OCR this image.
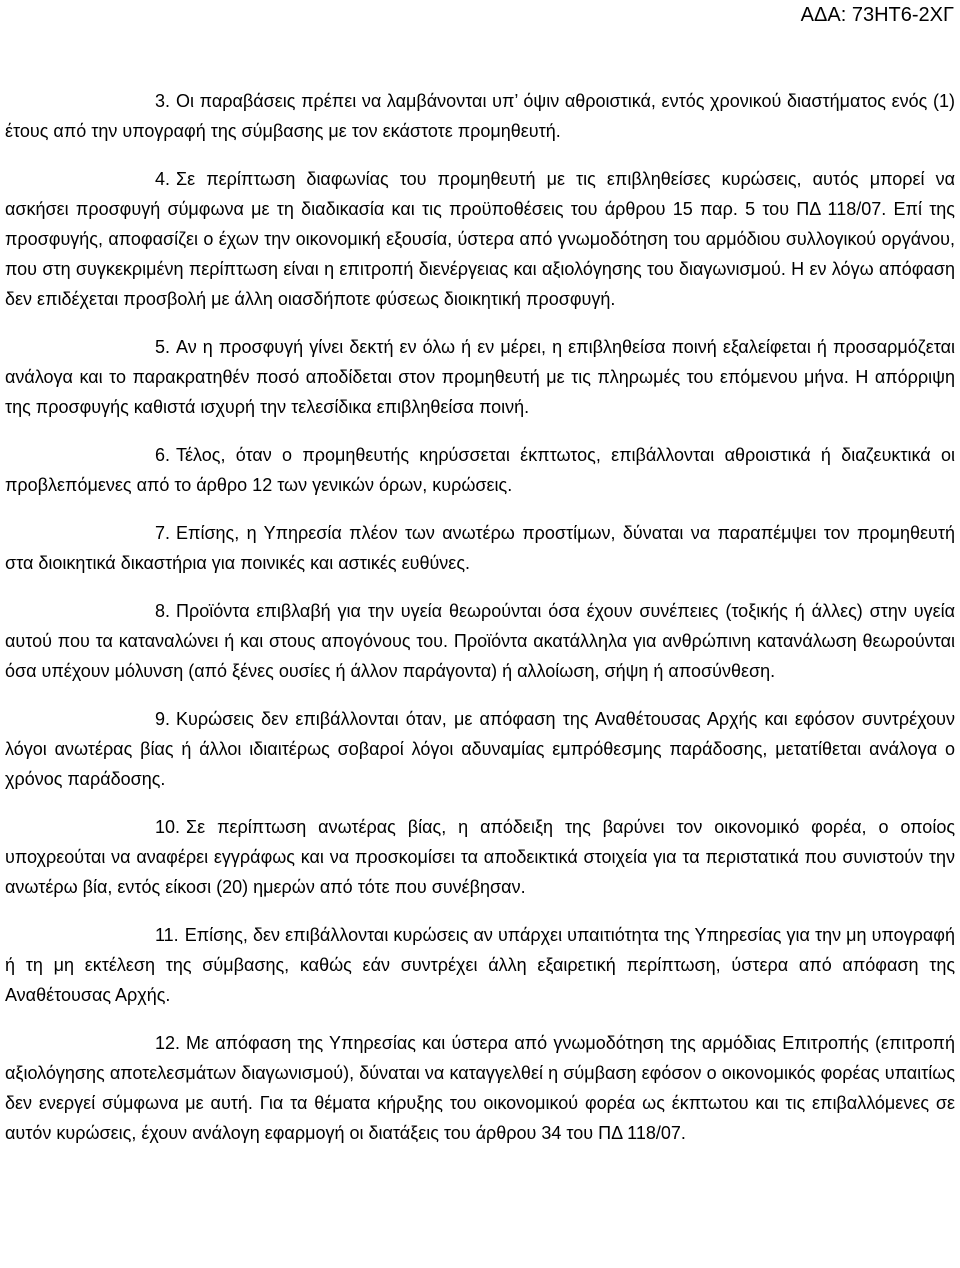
ΑΔΑ: 73ΗΤ6-2ΧΓ

3. Οι παραβάσεις πρέπει να λαμβάνονται υπ’ όψιν αθροιστικά, εντός χρονικού διαστήματος ενός (1) έτους από την υπογραφή της σύμβασης με τον εκάστοτε προμηθευτή.

4. Σε περίπτωση διαφωνίας του προμηθευτή με τις επιβληθείσες κυρώσεις, αυτός μπορεί να ασκήσει προσφυγή σύμφωνα με τη διαδικασία και τις προϋποθέσεις του άρθρου 15 παρ. 5 του ΠΔ 118/07. Επί της προσφυγής, αποφασίζει ο έχων την οικονομική εξουσία, ύστερα από γνωμοδότηση του αρμόδιου συλλογικού οργάνου, που στη συγκεκριμένη περίπτωση είναι η επιτροπή διενέργειας και αξιολόγησης του διαγωνισμού. Η εν λόγω απόφαση δεν επιδέχεται προσβολή με άλλη οιασδήποτε φύσεως διοικητική προσφυγή.

5. Αν η προσφυγή γίνει δεκτή εν όλω ή εν μέρει, η επιβληθείσα ποινή εξαλείφεται ή προσαρμόζεται ανάλογα και το παρακρατηθέν ποσό αποδίδεται στον προμηθευτή με τις πληρωμές του επόμενου μήνα. Η απόρριψη της προσφυγής καθιστά ισχυρή την τελεσίδικα επιβληθείσα ποινή.

6. Τέλος, όταν ο προμηθευτής κηρύσσεται έκπτωτος, επιβάλλονται αθροιστικά ή διαζευκτικά οι προβλεπόμενες από το άρθρο 12 των γενικών όρων, κυρώσεις.

7. Επίσης, η Υπηρεσία πλέον των ανωτέρω προστίμων, δύναται να παραπέμψει τον προμηθευτή στα διοικητικά δικαστήρια για ποινικές και αστικές ευθύνες.

8. Προϊόντα επιβλαβή για την υγεία θεωρούνται όσα έχουν συνέπειες (τοξικής ή άλλες) στην υγεία αυτού που τα καταναλώνει ή και στους απογόνους του. Προϊόντα ακατάλληλα για ανθρώπινη κατανάλωση θεωρούνται όσα υπέχουν μόλυνση (από ξένες ουσίες ή άλλον παράγοντα) ή αλλοίωση, σήψη ή αποσύνθεση.

9. Κυρώσεις δεν επιβάλλονται όταν, με απόφαση της Αναθέτουσας Αρχής και εφόσον συντρέχουν λόγοι ανωτέρας βίας ή άλλοι ιδιαιτέρως σοβαροί λόγοι αδυναμίας εμπρόθεσμης παράδοσης, μετατίθεται ανάλογα ο χρόνος παράδοσης.

10. Σε περίπτωση ανωτέρας βίας, η απόδειξη της βαρύνει τον οικονομικό φορέα, ο οποίος υποχρεούται να αναφέρει εγγράφως και να προσκομίσει τα αποδεικτικά στοιχεία για τα περιστατικά που συνιστούν την ανωτέρω βία, εντός είκοσι (20) ημερών από τότε που συνέβησαν.

11. Επίσης, δεν επιβάλλονται κυρώσεις αν υπάρχει υπαιτιότητα της Υπηρεσίας για την μη υπογραφή ή τη μη εκτέλεση της σύμβασης, καθώς εάν συντρέχει άλλη εξαιρετική περίπτωση, ύστερα από απόφαση της Αναθέτουσας Αρχής.

12. Με απόφαση της Υπηρεσίας και ύστερα από γνωμοδότηση της αρμόδιας Επιτροπής (επιτροπή αξιολόγησης αποτελεσμάτων διαγωνισμού), δύναται να καταγγελθεί η σύμβαση εφόσον ο οικονομικός φορέας υπαιτίως δεν ενεργεί σύμφωνα με αυτή. Για τα θέματα κήρυξης του οικονομικού φορέα ως έκπτωτου και τις επιβαλλόμενες σε αυτόν κυρώσεις, έχουν ανάλογη εφαρμογή οι διατάξεις του άρθρου 34 του ΠΔ 118/07.
